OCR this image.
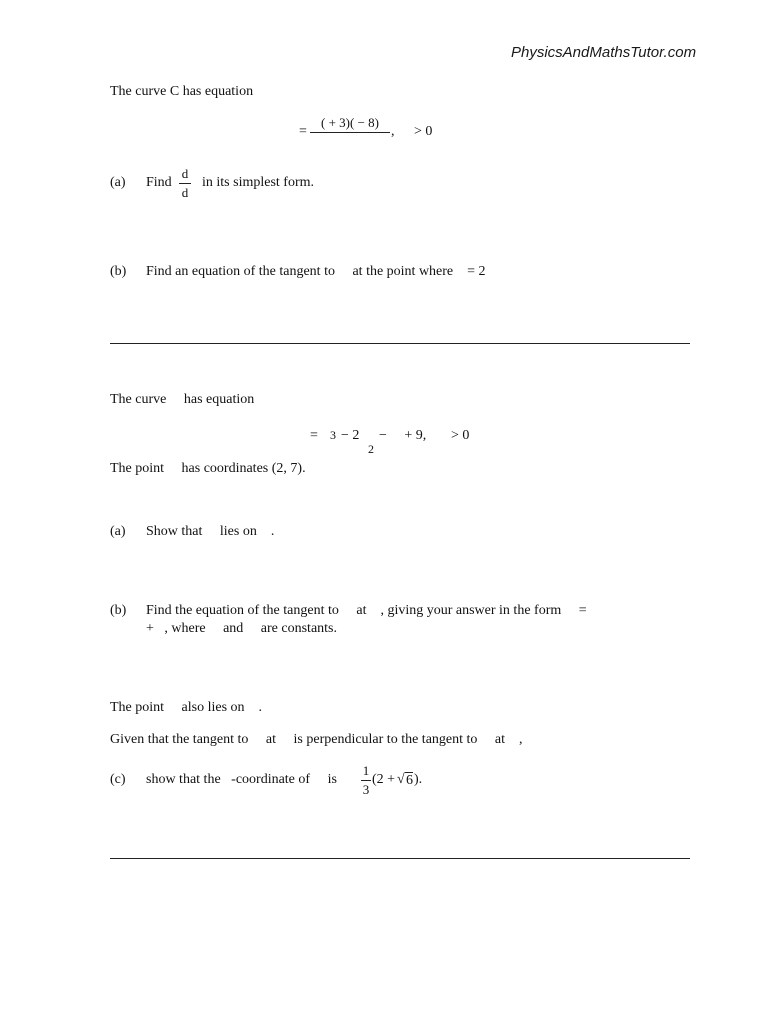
PhysicsAndMathsTutor.com
The curve C has equation
=
( + 3)( − 8)
, > 0
(a) Find
d
d
in its simplest form.
(b) Find an equation of the tangent to     at the point where    = 2
The curve     has equation
= 3 − 2
2
−     + 9, > 0
The point     has coordinates (2, 7).
(a) Show that     lies on    .
(b) Find the equation of the tangent to     at    , giving your answer in the form     =
+   , where     and     are constants.
The point     also lies on    .
Given that the tangent to     at     is perpendicular to the tangent to     at    ,
(c) show that the   -coordinate of     is
1
3
(2 + √ 6 ).
